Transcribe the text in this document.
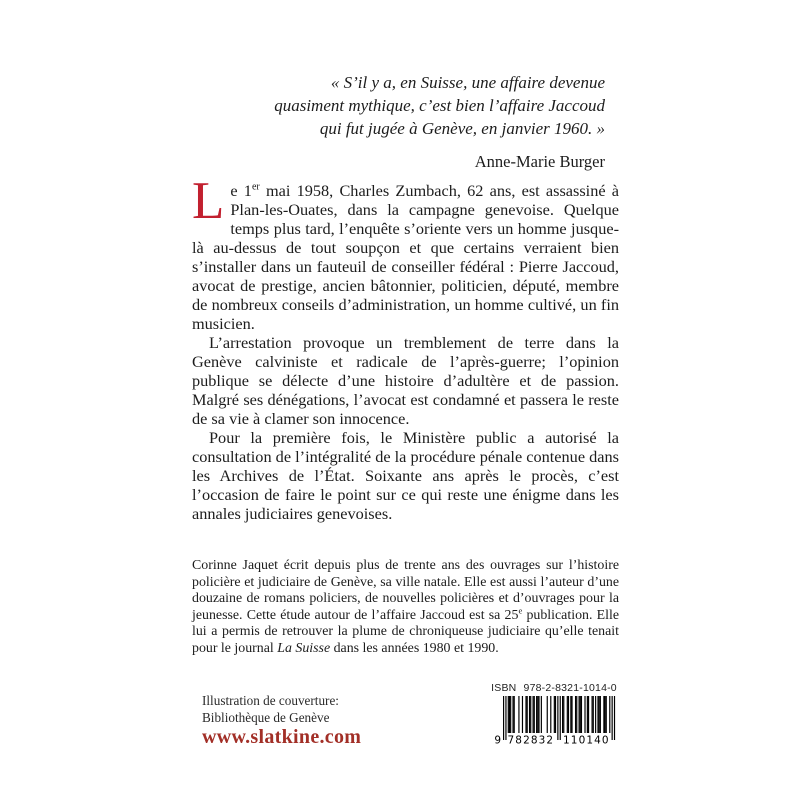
« S’il y a, en Suisse, une affaire devenue
quasiment mythique, c’est bien l’affaire Jaccoud
qui fut jugée à Genève, en janvier 1960. »
Anne-Marie Burger

Le 1er mai 1958, Charles Zumbach, 62 ans, est assassiné à Plan-les-Ouates, dans la campagne genevoise. Quelque temps plus tard, l’enquête s’oriente vers un homme jusque-là au-dessus de tout soupçon et que certains verraient bien s’installer dans un fauteuil de conseiller fédéral : Pierre Jaccoud, avocat de prestige, ancien bâtonnier, politicien, député, membre de nombreux conseils d’administration, un homme cultivé, un fin musicien.

L’arrestation provoque un tremblement de terre dans la Genève calviniste et radicale de l’après-guerre; l’opinion publique se délecte d’une histoire d’adultère et de passion. Malgré ses dénégations, l’avocat est condamné et passera le reste de sa vie à clamer son innocence.

Pour la première fois, le Ministère public a autorisé la consultation de l’intégralité de la procédure pénale contenue dans les Archives de l’État. Soixante ans après le procès, c’est l’occasion de faire le point sur ce qui reste une énigme dans les annales judiciaires genevoises.

Corinne Jaquet écrit depuis plus de trente ans des ouvrages sur l’histoire policière et judiciaire de Genève, sa ville natale. Elle est aussi l’auteur d’une douzaine de romans policiers, de nouvelles policières et d’ouvrages pour la jeunesse. Cette étude autour de l’affaire Jaccoud est sa 25e publication. Elle lui a permis de retrouver la plume de chroniqueuse judiciaire qu’elle tenait pour le journal La Suisse dans les années 1980 et 1990.
Illustration de couverture:
Bibliothèque de Genève
www.slatkine.com
ISBN 978-2-8321-1014-0
9 782832 110140
